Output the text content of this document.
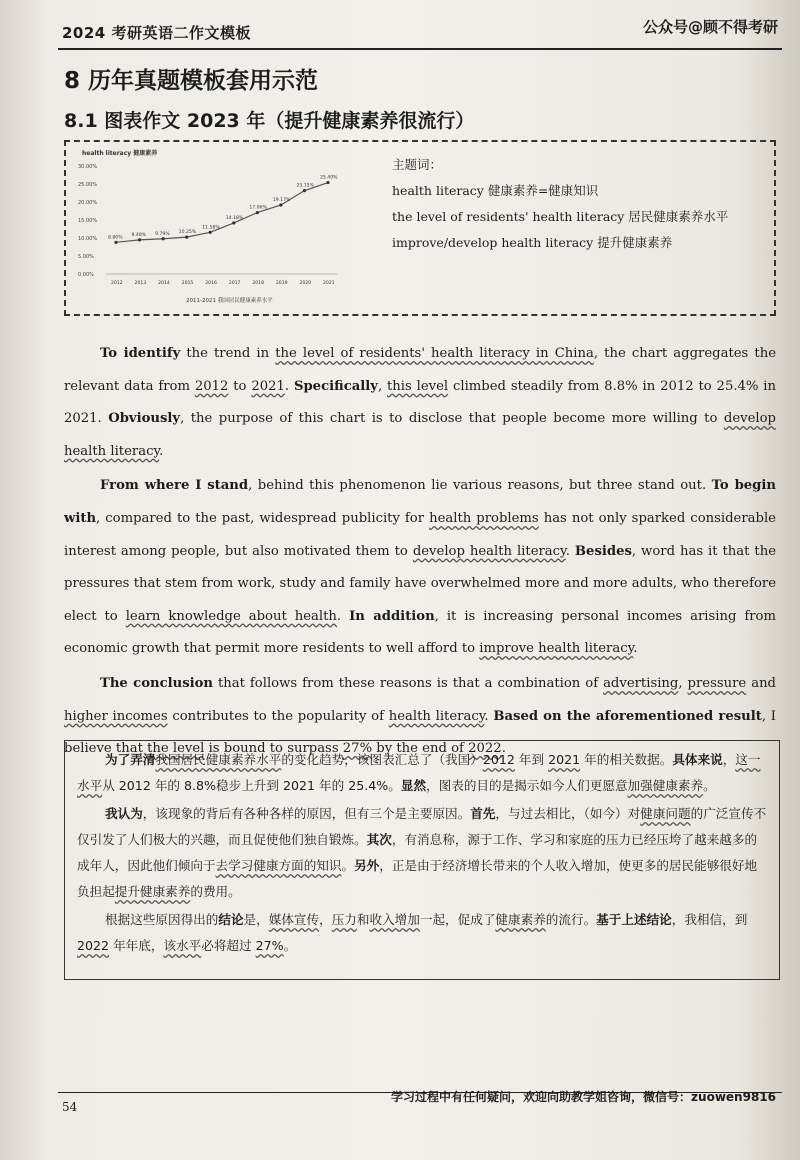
2024 考研英语二作文模板	公众号@顾不得考研
8 历年真题模板套用示范
8.1 图表作文 2023 年（提升健康素养很流行）
health literacy 健康素养
30.00%
25.00%
20.00%
15.00%
10.00%
5.00%
0.00%
8.80%
2012
9.48%
2013
9.79%
2014
10.25%
2015
11.58%
2016
14.18%
2017
17.06%
2018
19.17%
2019
23.15%
2020
25.40%
2021
2011-2021 我国居民健康素养水平
主题词：
health literacy 健康素养=健康知识
the level of residents' health literacy 居民健康素养水平
improve/develop health literacy 提升健康素养

To identify the trend in the level of residents' health literacy in China, the chart aggregates the relevant data from 2012 to 2021. Specifically, this level climbed steadily from 8.8% in 2012 to 25.4% in 2021. Obviously, the purpose of this chart is to disclose that people become more willing to develop health literacy.

From where I stand, behind this phenomenon lie various reasons, but three stand out. To begin with, compared to the past, widespread publicity for health problems has not only sparked considerable interest among people, but also motivated them to develop health literacy. Besides, word has it that the pressures that stem from work, study and family have overwhelmed more and more adults, who therefore elect to learn knowledge about health. In addition, it is increasing personal incomes arising from economic growth that permit more residents to well afford to improve health literacy.

The conclusion that follows from these reasons is that a combination of advertising, pressure and higher incomes contributes to the popularity of health literacy. Based on the aforementioned result, I believe that the level is bound to surpass 27% by the end of 2022.

为了弄清我国居民健康素养水平的变化趋势，该图表汇总了（我国）2012 年到 2021 年的相关数据。具体来说，这一水平从 2012 年的 8.8%稳步上升到 2021 年的 25.4%。显然，图表的目的是揭示如今人们更愿意加强健康素养。

我认为，该现象的背后有各种各样的原因，但有三个是主要原因。首先，与过去相比，（如今）对健康问题的广泛宣传不仅引发了人们极大的兴趣，而且促使他们独自锻炼。其次，有消息称，源于工作、学习和家庭的压力已经压垮了越来越多的成年人，因此他们倾向于去学习健康方面的知识。另外，正是由于经济增长带来的个人收入增加，使更多的居民能够很好地负担起提升健康素养的费用。

根据这些原因得出的结论是，媒体宣传，压力和收入增加一起，促成了健康素养的流行。基于上述结论，我相信，到 2022 年年底，该水平必将超过 27%。

54
学习过程中有任何疑问，欢迎向助教学姐咨询，微信号：zuowen9816
